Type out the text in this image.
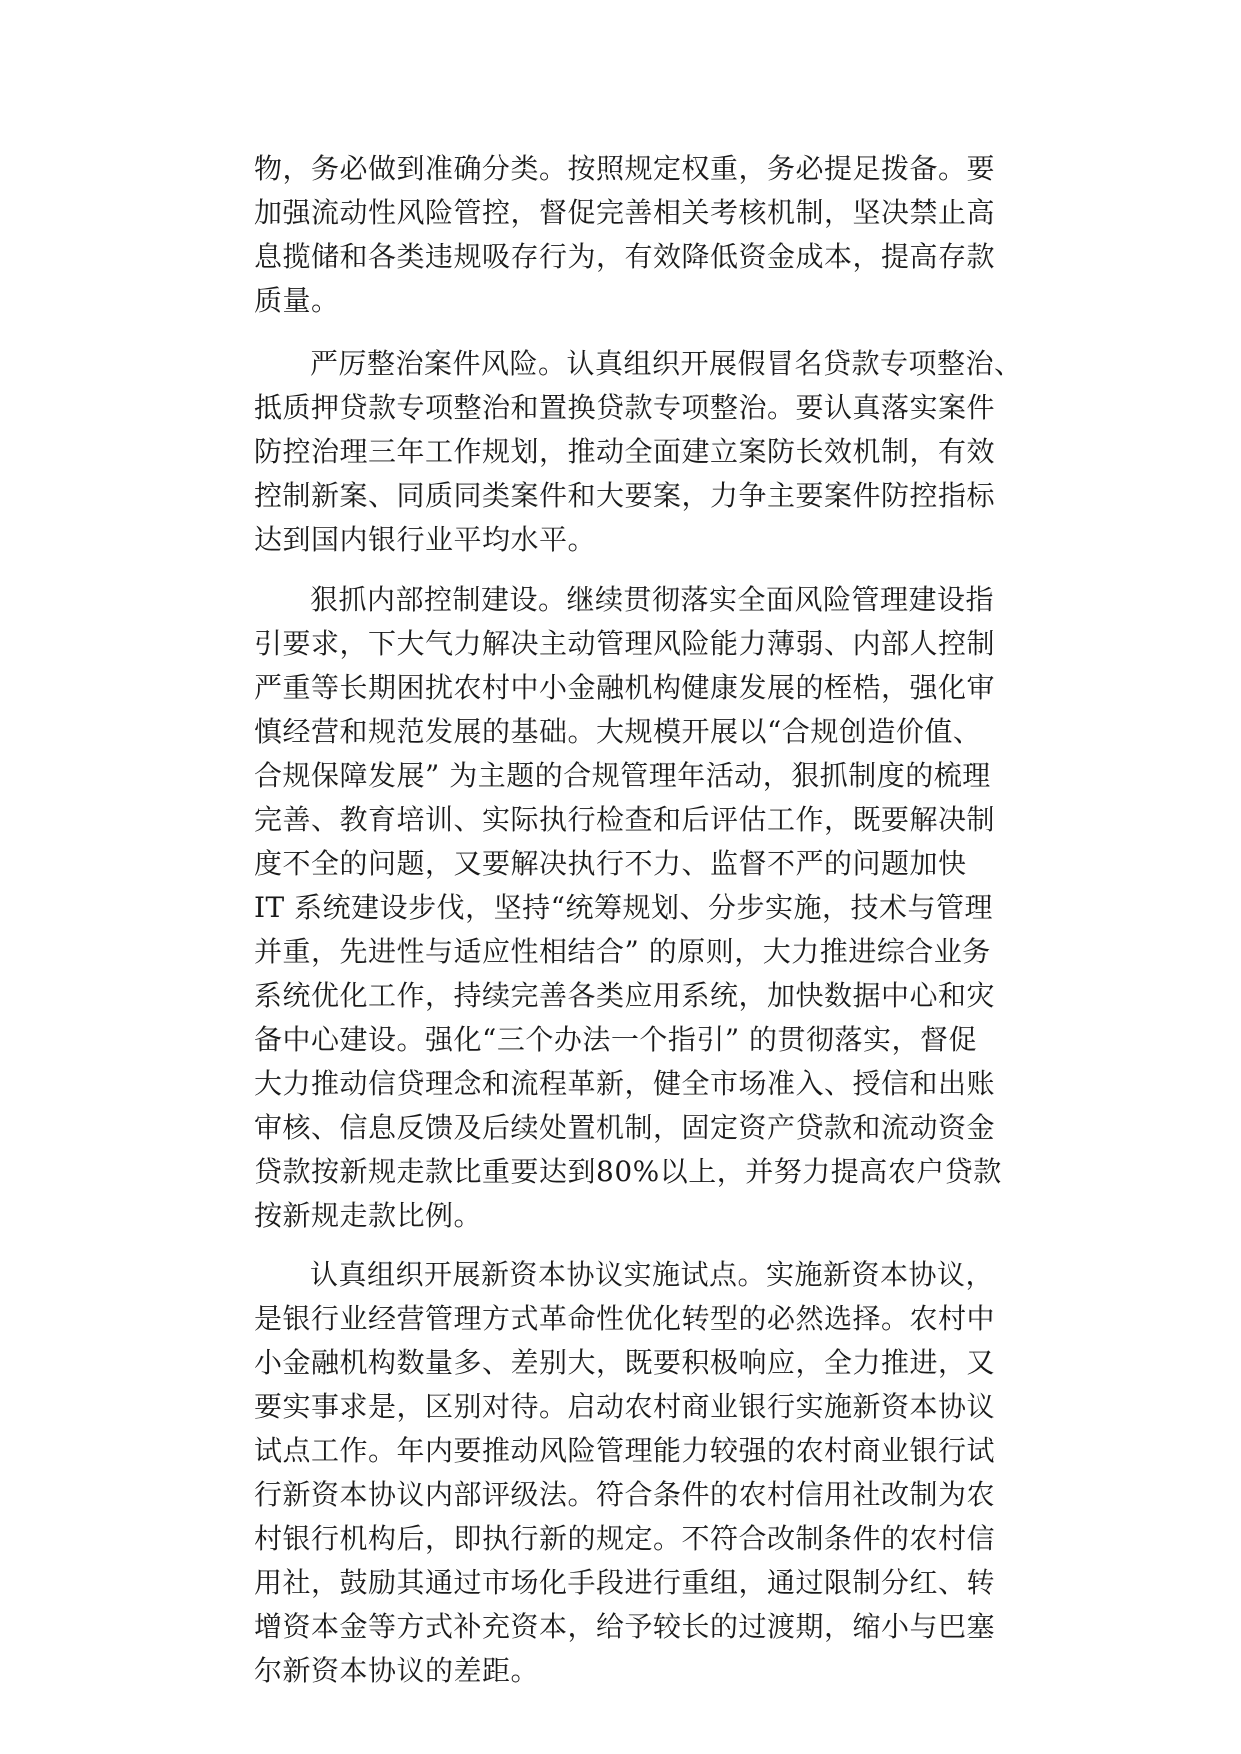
物，务必做到准确分类。按照规定权重，务必提足拨备。要
加强流动性风险管控，督促完善相关考核机制，坚决禁止高
息揽储和各类违规吸存行为，有效降低资金成本，提高存款
质量。
严厉整治案件风险。认真组织开展假冒名贷款专项整治、
抵质押贷款专项整治和置换贷款专项整治。要认真落实案件
防控治理三年工作规划，推动全面建立案防长效机制，有效
控制新案、同质同类案件和大要案，力争主要案件防控指标
达到国内银行业平均水平。
狠抓内部控制建设。继续贯彻落实全面风险管理建设指
引要求，下大气力解决主动管理风险能力薄弱、内部人控制
严重等长期困扰农村中小金融机构健康发展的桎梏，强化审
慎经营和规范发展的基础。大规模开展以“合规创造价值、
合规保障发展” 为主题的合规管理年活动，狠抓制度的梳理
完善、教育培训、实际执行检查和后评估工作，既要解决制
度不全的问题，又要解决执行不力、监督不严的问题加快
IT 系统建设步伐，坚持“统筹规划、分步实施，技术与管理
并重，先进性与适应性相结合” 的原则，大力推进综合业务
系统优化工作，持续完善各类应用系统，加快数据中心和灾
备中心建设。强化“三个办法一个指引” 的贯彻落实，督促
大力推动信贷理念和流程革新，健全市场准入、授信和出账
审核、信息反馈及后续处置机制，固定资产贷款和流动资金
贷款按新规走款比重要达到80%以上，并努力提高农户贷款
按新规走款比例。
认真组织开展新资本协议实施试点。实施新资本协议，
是银行业经营管理方式革命性优化转型的必然选择。农村中
小金融机构数量多、差别大，既要积极响应，全力推进，又
要实事求是，区别对待。启动农村商业银行实施新资本协议
试点工作。年内要推动风险管理能力较强的农村商业银行试
行新资本协议内部评级法。符合条件的农村信用社改制为农
村银行机构后，即执行新的规定。不符合改制条件的农村信
用社，鼓励其通过市场化手段进行重组，通过限制分红、转
增资本金等方式补充资本，给予较长的过渡期，缩小与巴塞
尔新资本协议的差距。
